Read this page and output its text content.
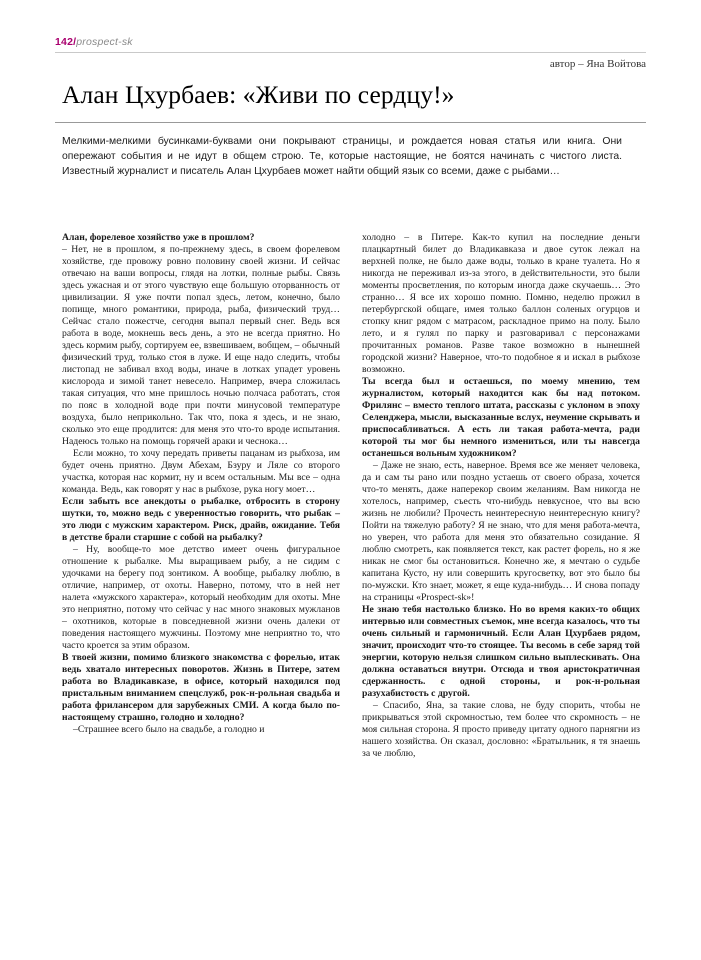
142/prospect-sk
автор – Яна Войтова
Алан Цхурбаев: «Живи по сердцу!»
Мелкими-мелкими бусинками-буквами они покрывают страницы, и рождается новая статья или книга. Они опережают события и не идут в общем строю. Те, которые настоящие, не боятся начинать с чистого листа. Известный журналист и писатель Алан Цхурбаев может найти общий язык со всеми, даже с рыбами…

Алан, форелевое хозяйство уже в прошлом?

– Нет, не в прошлом, я по-прежнему здесь, в своем форелевом хозяйстве, где провожу ровно половину своей жизни. И сейчас отвечаю на ваши вопросы, глядя на лотки, полные рыбы. Связь здесь ужасная и от этого чувствую еще большую оторванность от цивилизации. Я уже почти попал здесь, летом, конечно, было попище, много романтики, природа, рыба, физический труд… Сейчас стало пожестче, сегодня выпал первый снег. Ведь вся работа в воде, мокнешь весь день, а это не всегда приятно. Но здесь кормим рыбу, сортируем ее, взвешиваем, вобщем, – обычный физический труд, только стоя в луже. И еще надо следить, чтобы листопад не забивал вход воды, иначе в лотках упадет уровень кислорода и зимой танет невесело. Например, вчера сложилась такая ситуация, что мне пришлось ночью полчаса работать, стоя по пояс в холодной воде при почти минусовой температуре воздуха, было неприкольно. Так что, пока я здесь, и не знаю, сколько это еще продлится: для меня это что-то вроде испытания. Надеюсь только на помощь горячей араки и чеснока…

Если можно, то хочу передать приветы пацанам из рыбхоза, им будет очень приятно. Двум Абехам, Бзуру и Ляле со второго участка, которая нас кормит, ну и всем остальным. Мы все – одна команда. Ведь, как говорят у нас в рыбхозе, рука ногу моет…

Если забыть все анекдоты о рыбалке, отбросить в сторону шутки, то, можно ведь с уверенностью говорить, что рыбак – это люди с мужским характером. Риск, драйв, ожидание. Тебя в детстве брали старшие с собой на рыбалку?

– Ну, вообще-то мое детство имеет очень фигуральное отношение к рыбалке. Мы выращиваем рыбу, а не сидим с удочками на берегу под зонтиком. А вообще, рыбалку люблю, в отличие, например, от охоты. Наверно, потому, что в ней нет налета «мужского характера», который необходим для охоты. Мне это неприятно, потому что сейчас у нас много знаковых мужланов – охотников, которые в повседневной жизни очень далеки от поведения настоящего мужчины. Поэтому мне неприятно то, что часто кроется за этим образом.

В твоей жизни, помимо близкого знакомства с форелью, итак ведь хватало интересных поворотов. Жизнь в Питере, затем работа во Владикавказе, в офисе, который находился под пристальным вниманием спецслужб, рок-н-рольная свадьба и работа фрилансером для зарубежных СМИ. А когда было по-настоящему страшно, голодно и холодно?

–Страшнее всего было на свадьбе, а голодно и

холодно – в Питере. Как-то купил на последние деньги плацкартный билет до Владикавказа и двое суток лежал на верхней полке, не было даже воды, только в кране туалета. Но я никогда не переживал из-за этого, в действительности, это были моменты просветления, по которым иногда даже скучаешь… Это странно… Я все их хорошо помню. Помню, неделю прожил в петербургской общаге, имея только баллон соленых огурцов и стопку книг рядом с матрасом, раскладное примо на полу. Было лето, и я гулял по парку и разговаривал с персонажами прочитанных романов. Разве такое возможно в нынешней городской жизни? Наверное, что-то подобное я и искал в рыбхозе возможно.

Ты всегда был и остаешься, по моему мнению, тем журналистом, который находится как бы над потоком. Фрилянс – вместо теплого штата, рассказы с уклоном в эпоху Селенджера, мысли, высказанные вслух, неумение скрывать и приспосабливаться. А есть ли такая работа-мечта, ради которой ты мог бы немного измениться, или ты навсегда останешься вольным художником?

– Даже не знаю, есть, наверное. Время все же меняет человека, да и сам ты рано или поздно устаешь от своего образа, хочется что-то менять, даже наперекор своим желаниям. Вам никогда не хотелось, например, съесть что-нибудь невкусное, что вы всю жизнь не любили? Прочесть неинтересную неинтересную книгу? Пойти на тяжелую работу? Я не знаю, что для меня работа-мечта, но уверен, что работа для меня это обязательно созидание. Я люблю смотреть, как появляется текст, как растет форель, но я же никак не смог бы остановиться. Конечно же, я мечтаю о судьбе капитана Кусто, ну или совершить кругосветку, вот это было бы по-мужски. Кто знает, может, я еще куда-нибудь… И снова попаду на страницы «Prospect-sk»!

Не знаю тебя настолько близко. Но во время каких-то общих интервью или совместных съемок, мне всегда казалось, что ты очень сильный и гармоничный. Если Алан Цхурбаев рядом, значит, происходит что-то стоящее. Ты весомь в себе заряд той энергии, которую нельзя слишком сильно выплескивать. Она должна оставаться внутри. Отсюда и твоя аристократичная сдержанность. с одной стороны, и рок-н-рольная разухабистость с другой.

– Спасибо, Яна, за такие слова, не буду спорить, чтобы не прикрываться этой скромностью, тем более что скромность – не моя сильная сторона. Я просто приведу цитату одного парнягни из нашего хозяйства. Он сказал, дословно: «Братыльник, я тя знаешь за че люблю,
